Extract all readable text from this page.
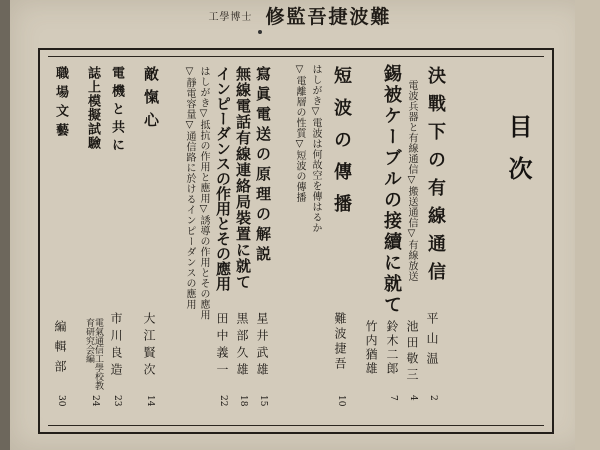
工學博士 修監吾捷波難
目次
決戰下の有線通信
電波兵器と有線通信▽搬送通信▽有線放送
平山温
2
池田敬三
4
鈴木二郎
7
錫被ケーブルの接續に就て
竹内猶雄
短波の傳播
はしがき▽電波は何故空を傳はるか
▽電離層の性質▽短波の傳播
難波捷吾
10
寫眞電送の原理の解説
星井武雄
15
無線電話有線連絡局裝置に就て
黒部久雄
18
インピーダンスの作用とその應用
はしがき▽抵抗の作用と應用▽誘導の作用とその應用
▽靜電容量▽通信路に於けるインピーダンスの應用
田中義一
22
敵愾心
大江賢次
14
電機と共に
市川良造
23
誌上模擬試驗
電氣通信工學校教育研究会編
24
職場文藝
編輯部
30
